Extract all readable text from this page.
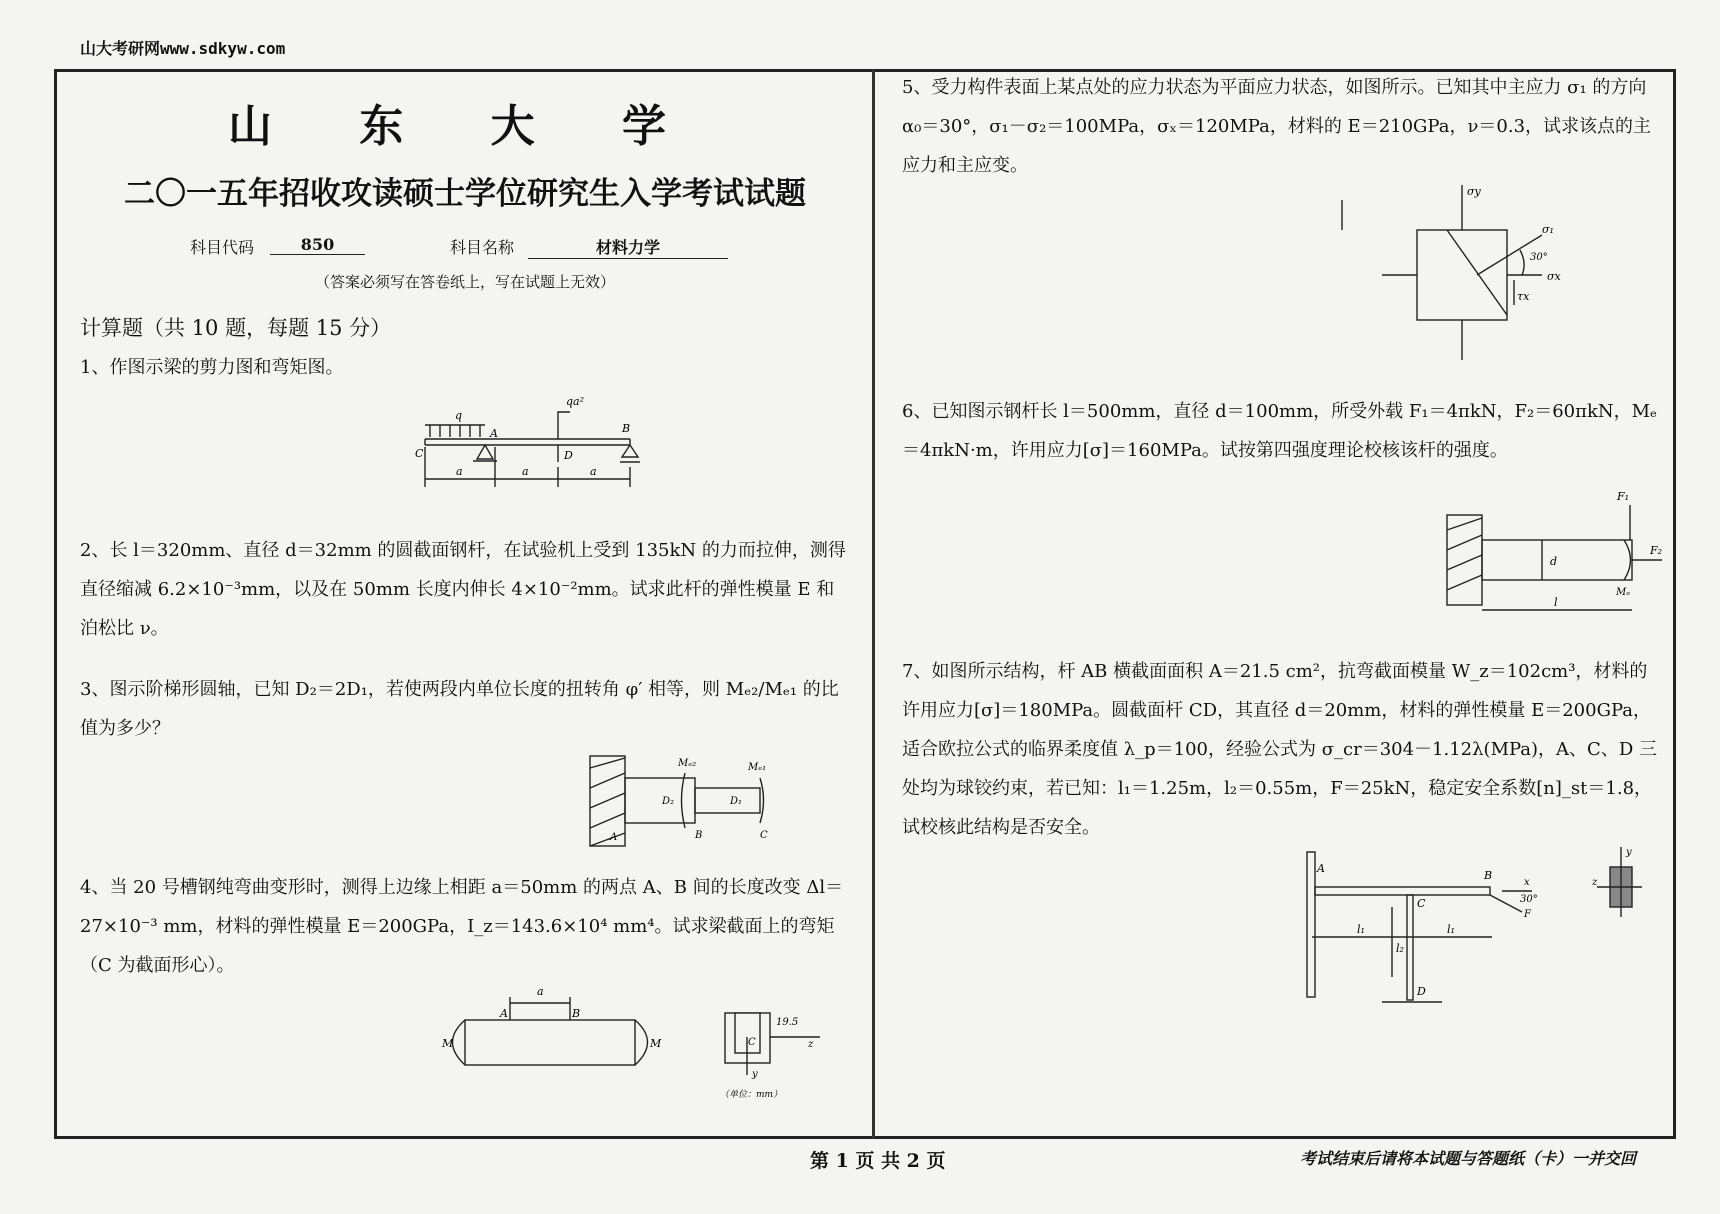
山大考研网www.sdkyw.com
山 东 大 学
二〇一五年招收攻读硕士学位研究生入学考试试题
科目代码	850	科目名称	材料力学
（答案必须写在答卷纸上，写在试题上无效）
计算题（共 10 题，每题 15 分）
1、作图示梁的剪力图和弯矩图。
q
qa²
A	B
C	D
a	a	a
2、长 l＝320mm、直径 d＝32mm 的圆截面钢杆，在试验机上受到 135kN 的力而拉伸，测得直径缩减 6.2×10⁻³mm，以及在 50mm 长度内伸长 4×10⁻²mm。试求此杆的弹性模量 E 和泊松比 ν。
3、图示阶梯形圆轴，已知 D₂＝2D₁，若使两段内单位长度的扭转角 φ′ 相等，则 Mₑ₂/Mₑ₁ 的比值为多少？
Mₑ₂	Mₑ₁
D₂	D₁
A	B	C
4、当 20 号槽钢纯弯曲变形时，测得上边缘上相距 a＝50mm 的两点 A、B 间的长度改变 Δl＝27×10⁻³ mm，材料的弹性模量 E＝200GPa，I_z＝143.6×10⁴ mm⁴。试求梁截面上的弯矩（C 为截面形心）。
a
A	B
M	M	C
19.5
z
y
（单位：mm）
5、受力构件表面上某点处的应力状态为平面应力状态，如图所示。已知其中主应力 σ₁ 的方向 α₀＝30°，σ₁－σ₂＝100MPa，σₓ＝120MPa，材料的 E＝210GPa，ν＝0.3，试求该点的主应力和主应变。
σy
σ₁
30°
σx
τx
6、已知图示钢杆长 l＝500mm，直径 d＝100mm，所受外载 F₁＝4πkN，F₂＝60πkN，Mₑ＝4πkN·m，许用应力[σ]＝160MPa。试按第四强度理论校核该杆的强度。
F₁
F₂
d
l
Mₑ
7、如图所示结构，杆 AB 横截面面积 A＝21.5 cm²，抗弯截面模量 W_z＝102cm³，材料的许用应力[σ]＝180MPa。圆截面杆 CD，其直径 d＝20mm，材料的弹性模量 E＝200GPa，适合欧拉公式的临界柔度值 λ_p＝100，经验公式为 σ_cr＝304－1.12λ(MPa)，A、C、D 三处均为球铰约束，若已知：l₁＝1.25m，l₂＝0.55m，F＝25kN，稳定安全系数[n]_st＝1.8，试校核此结构是否安全。
A
B
C
D
x
30°
F
l₁	l₁
l₂
z
y
第 1 页 共 2 页	考试结束后请将本试题与答题纸（卡）一并交回
